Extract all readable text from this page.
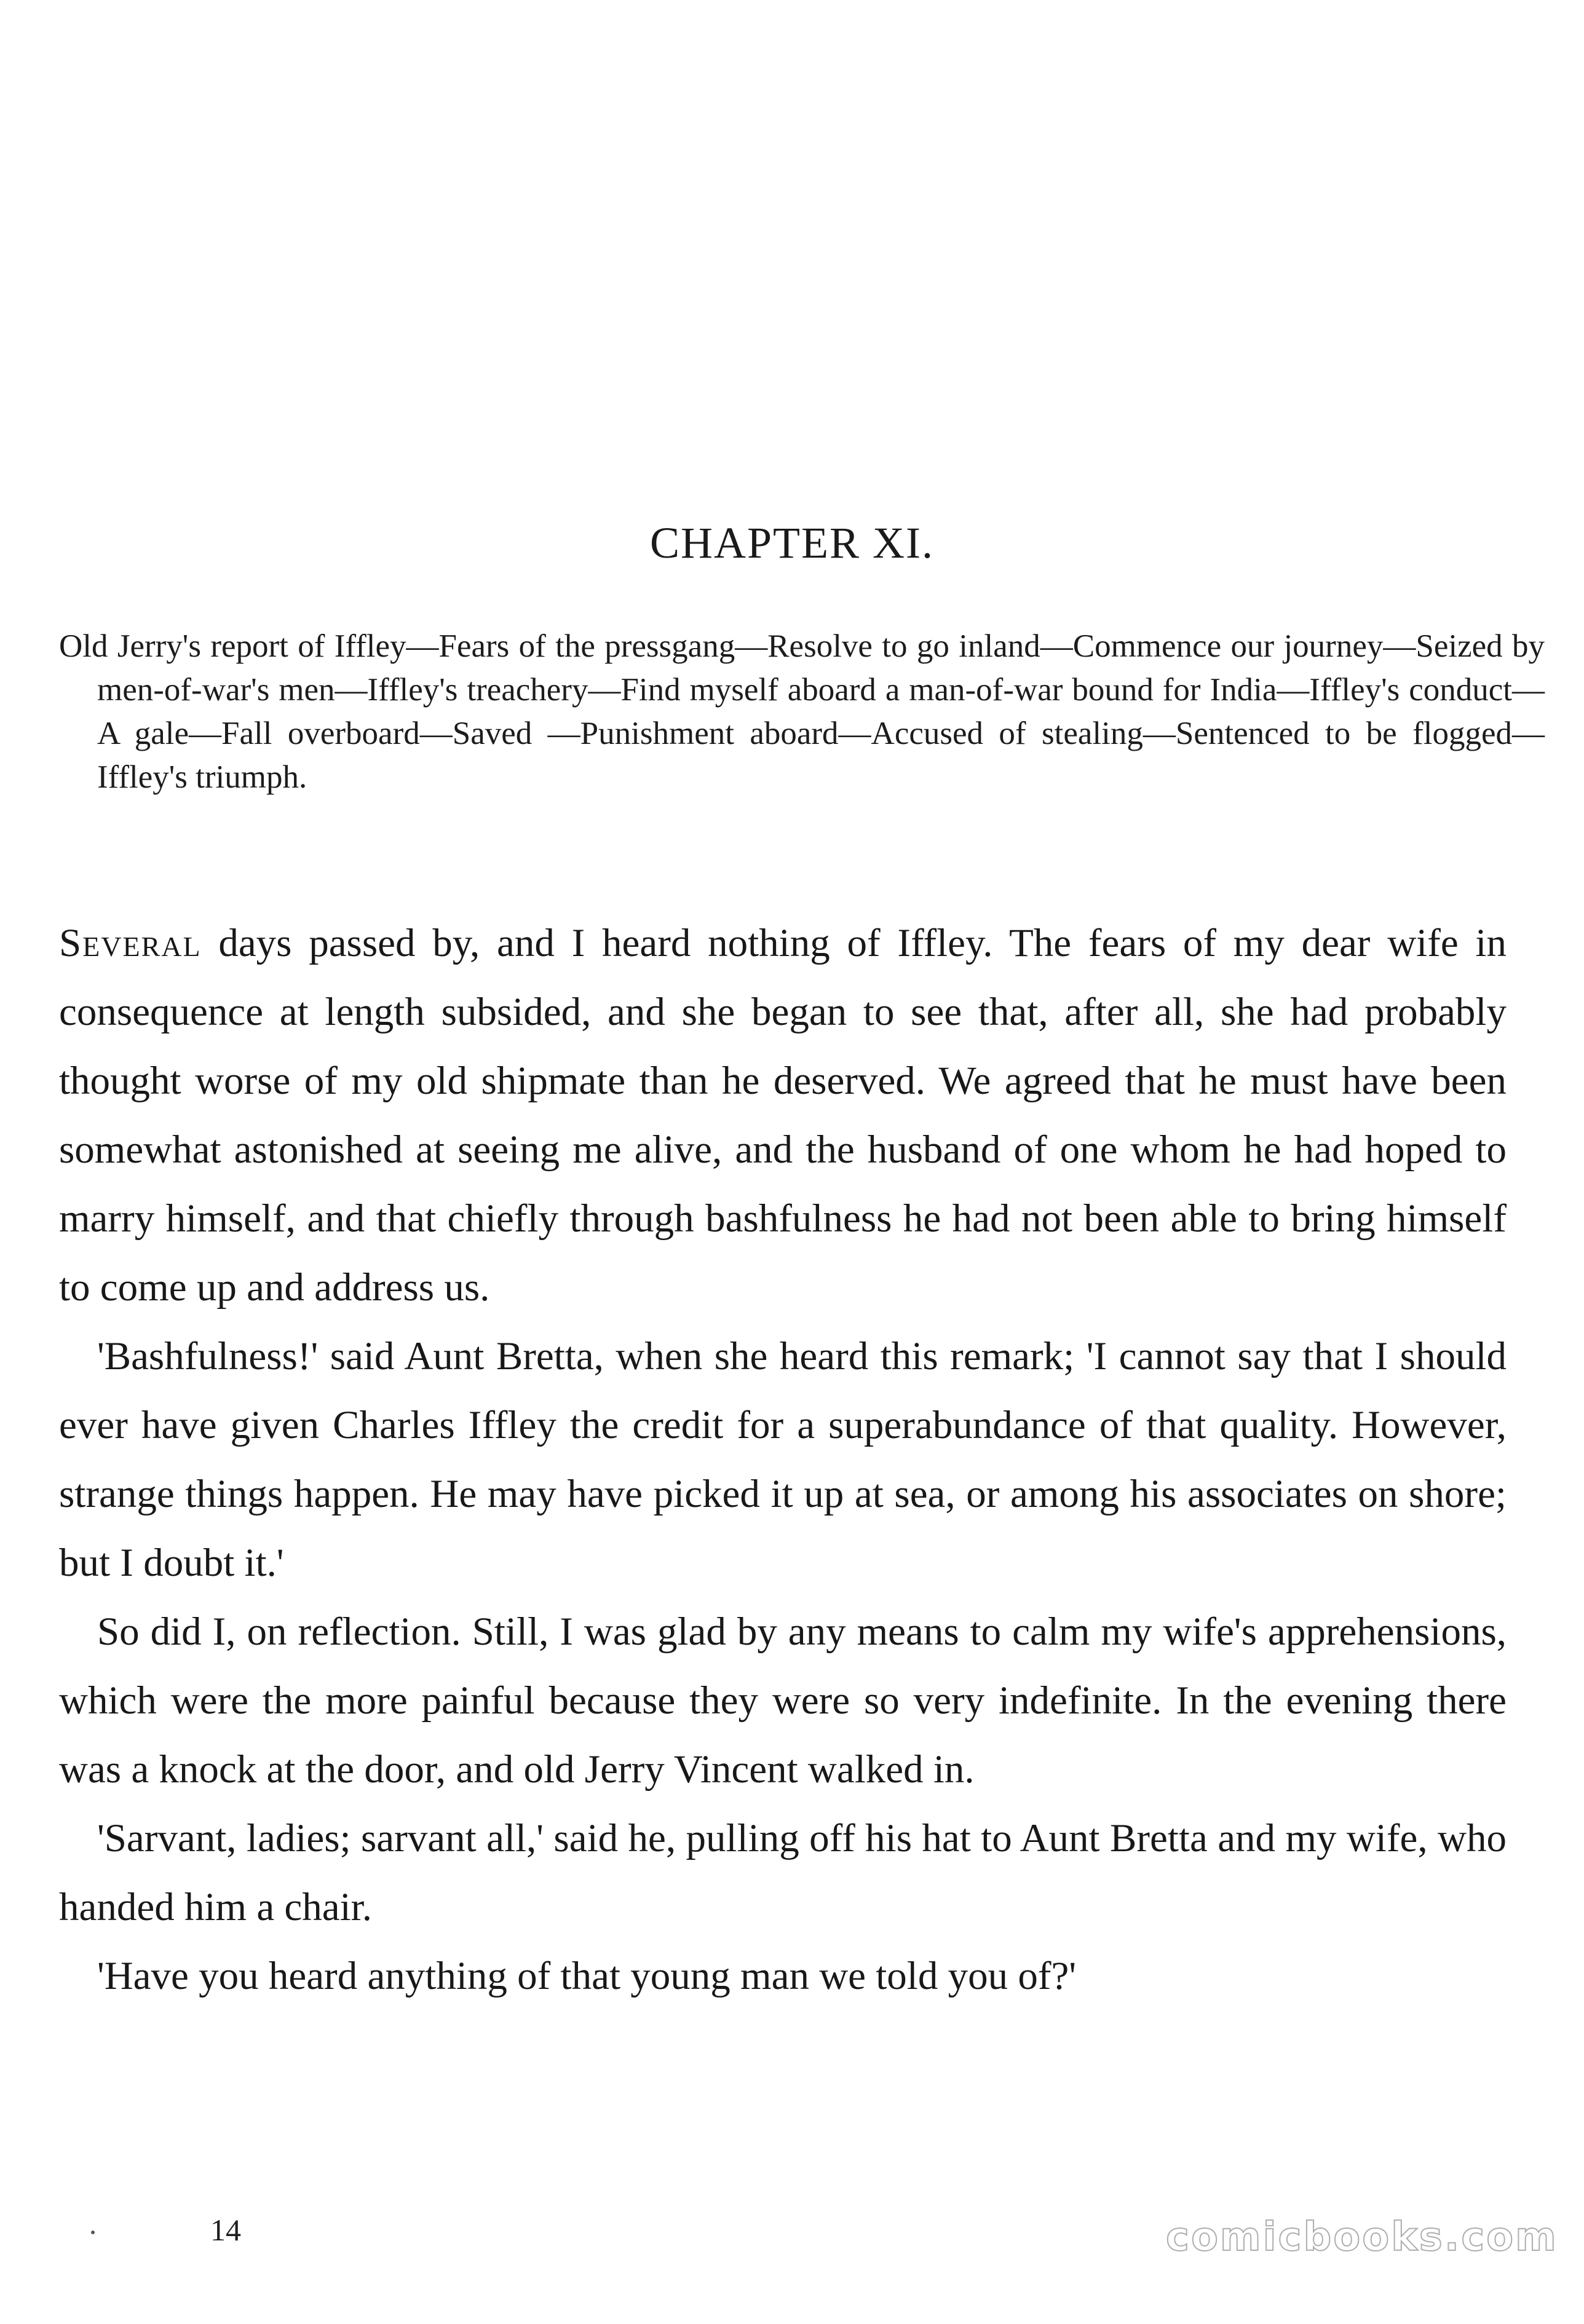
CHAPTER XI.

Old Jerry's report of Iffley—Fears of the pressgang—Resolve to go inland—Commence our journey—Seized by men-of-war's men—Iffley's treachery—Find myself aboard a man-of-war bound for India—Iffley's conduct—A gale—Fall overboard—Saved —Punishment aboard—Accused of stealing—Sentenced to be flogged—Iffley's triumph.

Several days passed by, and I heard nothing of Iffley. The fears of my dear wife in consequence at length subsided, and she began to see that, after all, she had probably thought worse of my old shipmate than he deserved. We agreed that he must have been somewhat astonished at seeing me alive, and the husband of one whom he had hoped to marry himself, and that chiefly through bashfulness he had not been able to bring himself to come up and address us.

'Bashfulness!' said Aunt Bretta, when she heard this remark; 'I cannot say that I should ever have given Charles Iffley the credit for a superabundance of that quality. However, strange things happen. He may have picked it up at sea, or among his associates on shore; but I doubt it.'

So did I, on reflection. Still, I was glad by any means to calm my wife's apprehensions, which were the more painful because they were so very indefinite. In the evening there was a knock at the door, and old Jerry Vincent walked in.

'Sarvant, ladies; sarvant all,' said he, pulling off his hat to Aunt Bretta and my wife, who handed him a chair.

'Have you heard anything of that young man we told you of?'

14	comicbooks.com
